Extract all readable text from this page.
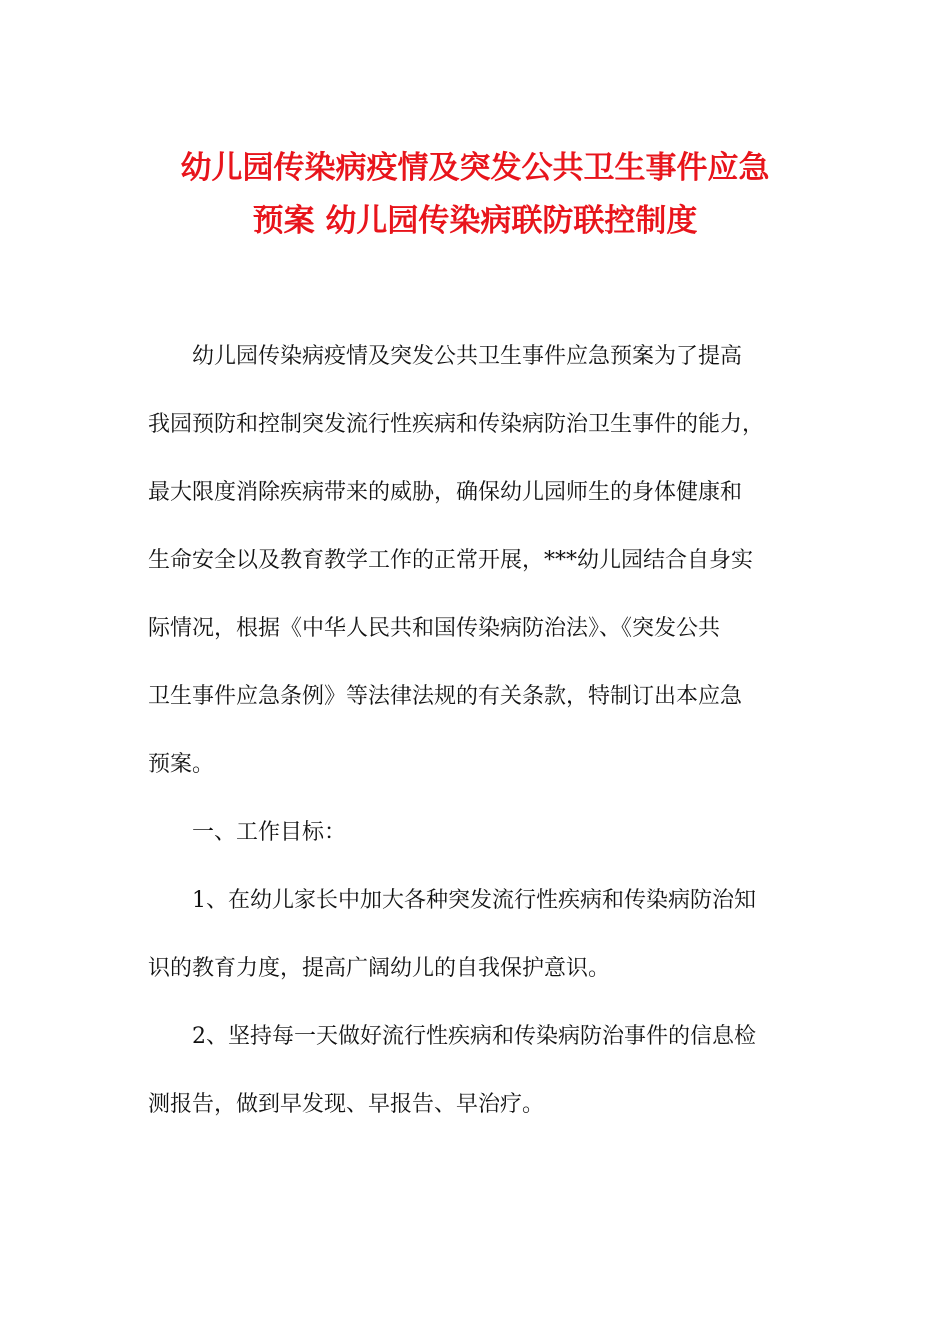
幼儿园传染病疫情及突发公共卫生事件应急
预案 幼儿园传染病联防联控制度
幼儿园传染病疫情及突发公共卫生事件应急预案为了提高
我园预防和控制突发流行性疾病和传染病防治卫生事件的能力，
最大限度消除疾病带来的威胁，确保幼儿园师生的身体健康和
生命安全以及教育教学工作的正常开展，***幼儿园结合自身实
际情况，根据《中华人民共和国传染病防治法》、《突发公共
卫生事件应急条例》等法律法规的有关条款，特制订出本应急
预案。
一、工作目标：
1、在幼儿家长中加大各种突发流行性疾病和传染病防治知
识的教育力度，提高广阔幼儿的自我保护意识。
2、坚持每一天做好流行性疾病和传染病防治事件的信息检
测报告，做到早发现、早报告、早治疗。
